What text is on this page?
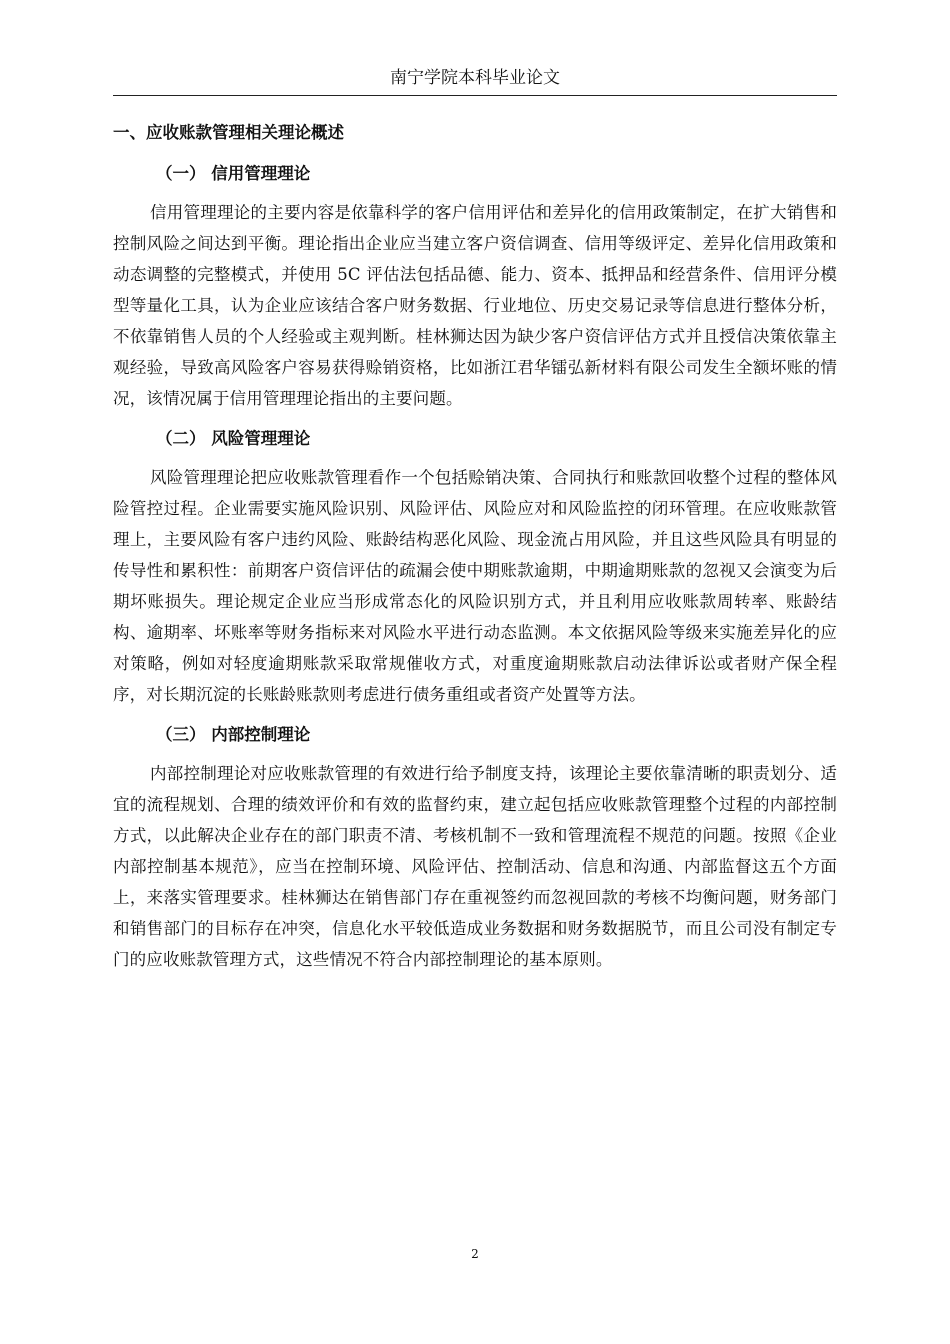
南宁学院本科毕业论文
一、应收账款管理相关理论概述
（一） 信用管理理论

信用管理理论的主要内容是依靠科学的客户信用评估和差异化的信用政策制定，在扩大销售和控制风险之间达到平衡。理论指出企业应当建立客户资信调查、信用等级评定、差异化信用政策和动态调整的完整模式，并使用 5C 评估法包括品德、能力、资本、抵押品和经营条件、信用评分模型等量化工具，认为企业应该结合客户财务数据、行业地位、历史交易记录等信息进行整体分析，不依靠销售人员的个人经验或主观判断。桂林狮达因为缺少客户资信评估方式并且授信决策依靠主观经验，导致高风险客户容易获得赊销资格，比如浙江君华镭弘新材料有限公司发生全额坏账的情况，该情况属于信用管理理论指出的主要问题。

（二） 风险管理理论

风险管理理论把应收账款管理看作一个包括赊销决策、合同执行和账款回收整个过程的整体风险管控过程。企业需要实施风险识别、风险评估、风险应对和风险监控的闭环管理。在应收账款管理上，主要风险有客户违约风险、账龄结构恶化风险、现金流占用风险，并且这些风险具有明显的传导性和累积性：前期客户资信评估的疏漏会使中期账款逾期，中期逾期账款的忽视又会演变为后期坏账损失。理论规定企业应当形成常态化的风险识别方式，并且利用应收账款周转率、账龄结构、逾期率、坏账率等财务指标来对风险水平进行动态监测。本文依据风险等级来实施差异化的应对策略，例如对轻度逾期账款采取常规催收方式，对重度逾期账款启动法律诉讼或者财产保全程序，对长期沉淀的长账龄账款则考虑进行债务重组或者资产处置等方法。

（三） 内部控制理论

内部控制理论对应收账款管理的有效进行给予制度支持，该理论主要依靠清晰的职责划分、适宜的流程规划、合理的绩效评价和有效的监督约束，建立起包括应收账款管理整个过程的内部控制方式，以此解决企业存在的部门职责不清、考核机制不一致和管理流程不规范的问题。按照《企业内部控制基本规范》，应当在控制环境、风险评估、控制活动、信息和沟通、内部监督这五个方面上，来落实管理要求。桂林狮达在销售部门存在重视签约而忽视回款的考核不均衡问题，财务部门和销售部门的目标存在冲突，信息化水平较低造成业务数据和财务数据脱节，而且公司没有制定专门的应收账款管理方式，这些情况不符合内部控制理论的基本原则。

2
